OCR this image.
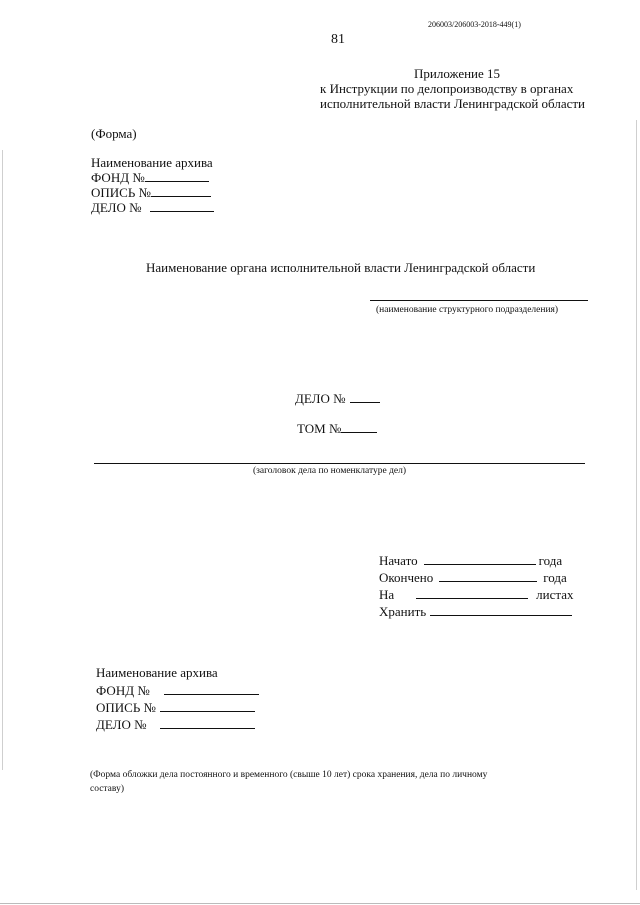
206003/206003-2018-449(1)
81
Приложение 15
к Инструкции по делопроизводству в органах
исполнительной власти Ленинградской области
(Форма)
Наименование архива
ФОНД №
ОПИСЬ №
ДЕЛО №
Наименование органа исполнительной власти Ленинградской области
(наименование структурного подразделения)
ДЕЛО №
ТОМ №
(заголовок дела по номенклатуре дел)
Начато	года
Окончено	года
На	листах
Хранить
Наименование архива
ФОНД №
ОПИСЬ №
ДЕЛО №
(Форма обложки дела постоянного и временного (свыше 10 лет) срока хранения, дела по личному
составу)
